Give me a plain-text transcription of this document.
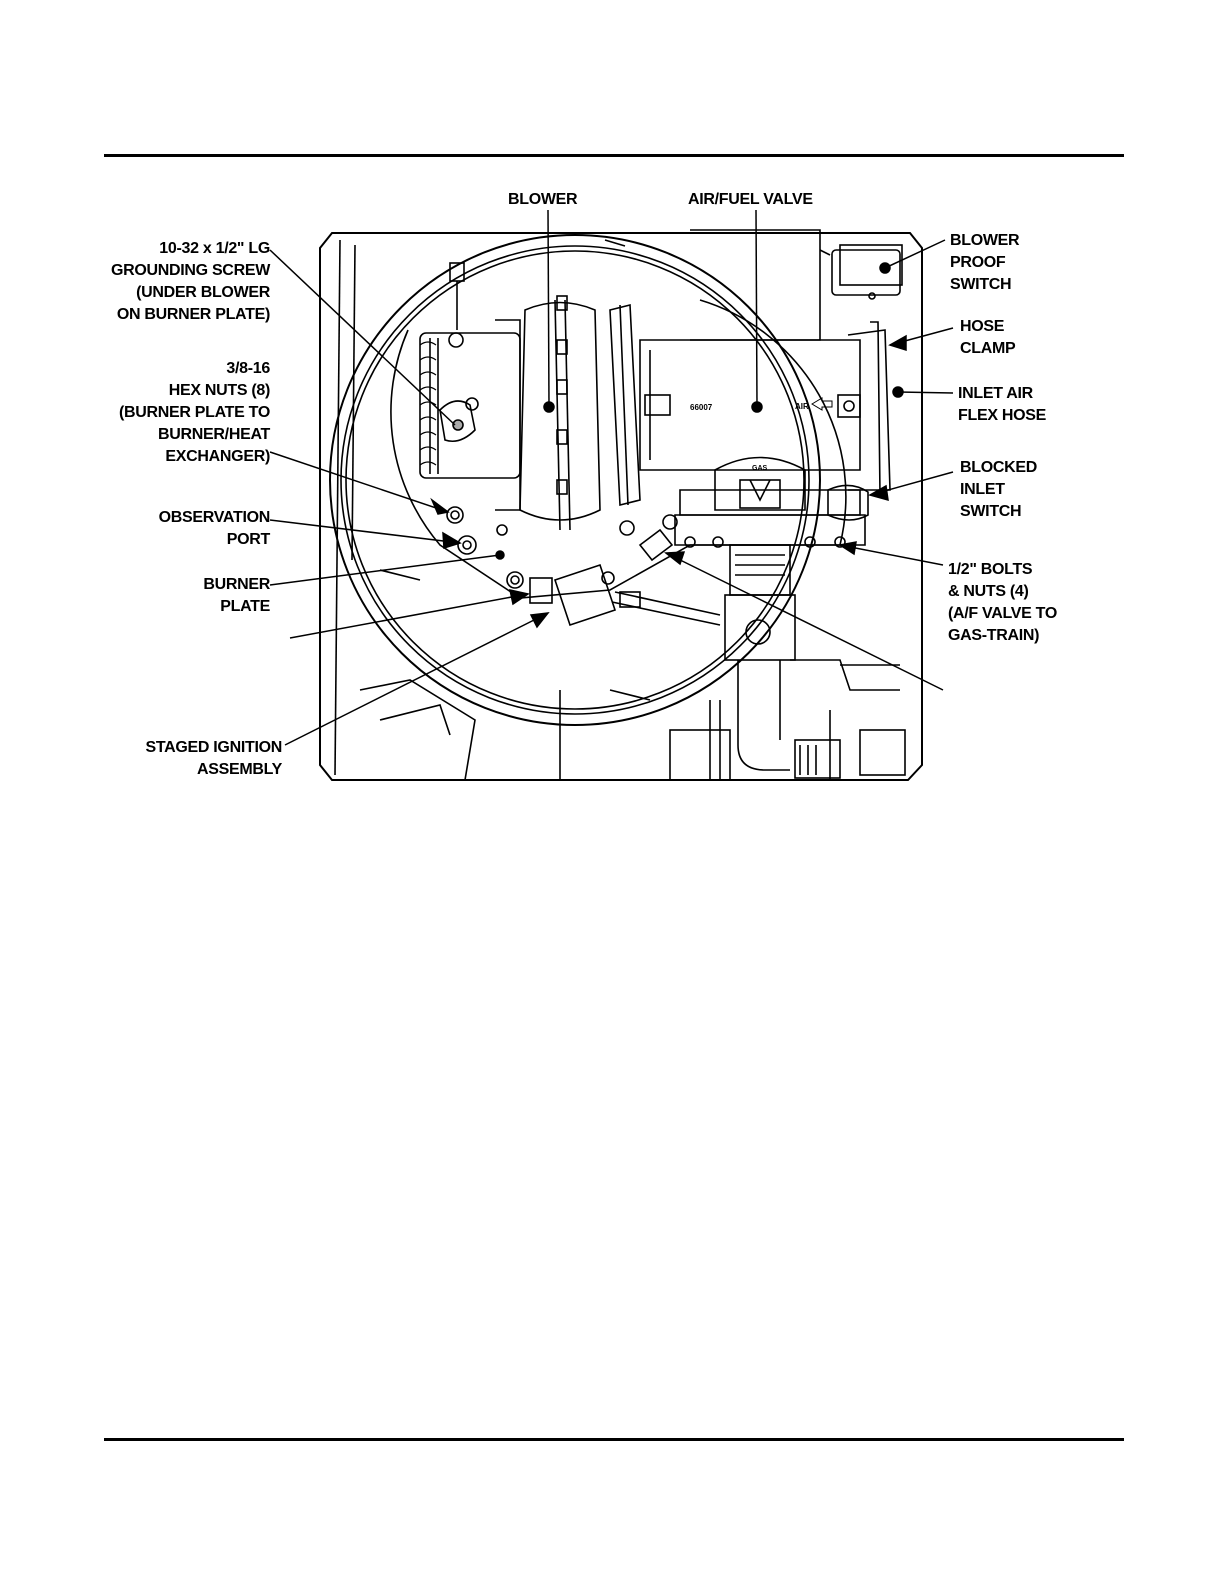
66007	AIR
GAS
BLOWER	AIR/FUEL VALVE
10-32 x 1/2" LG
GROUNDING SCREW
(UNDER BLOWER
ON BURNER PLATE)
3/8-16
HEX NUTS (8)
(BURNER PLATE TO
BURNER/HEAT
EXCHANGER)
OBSERVATION
PORT
BURNER
PLATE
STAGED IGNITION
ASSEMBLY
BLOWER
PROOF
SWITCH
HOSE
CLAMP
INLET AIR
FLEX HOSE
BLOCKED
INLET
SWITCH
1/2" BOLTS
& NUTS (4)
(A/F VALVE TO
GAS-TRAIN)
